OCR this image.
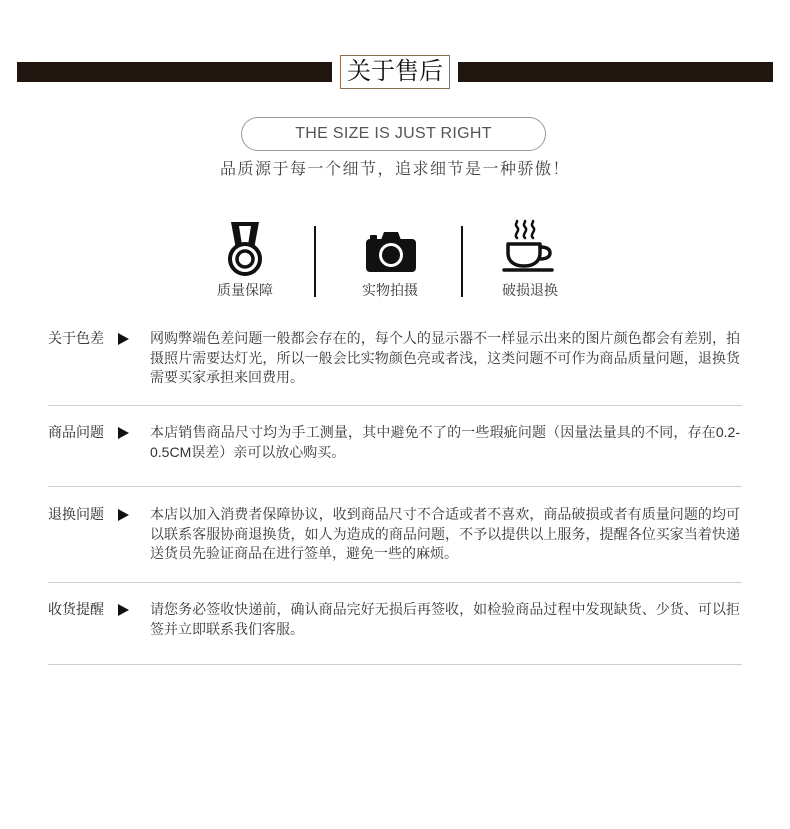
关于售后
THE SIZE IS JUST RIGHT
品质源于每一个细节，追求细节是一种骄傲！
质量保障	实物拍摄	破损退换
关于色差	网购弊端色差问题一般都会存在的，每个人的显示器不一样显示出来的图片颜色都会有差别，拍摄照片需要达灯光，所以一般会比实物颜色亮或者浅，这类问题不可作为商品质量问题，退换货需要买家承担来回费用。

商品问题	本店销售商品尺寸均为手工测量，其中避免不了的一些瑕疵问题（因量法量具的不同，存在0.2-0.5CM误差）亲可以放心购买。

退换问题	本店以加入消费者保障协议，收到商品尺寸不合适或者不喜欢，商品破损或者有质量问题的均可以联系客服协商退换货，如人为造成的商品问题，不予以提供以上服务，提醒各位买家当着快递送货员先验证商品在进行签单，避免一些的麻烦。

收货提醒	请您务必签收快递前，确认商品完好无损后再签收，如检验商品过程中发现缺货、少货、可以拒签并立即联系我们客服。
